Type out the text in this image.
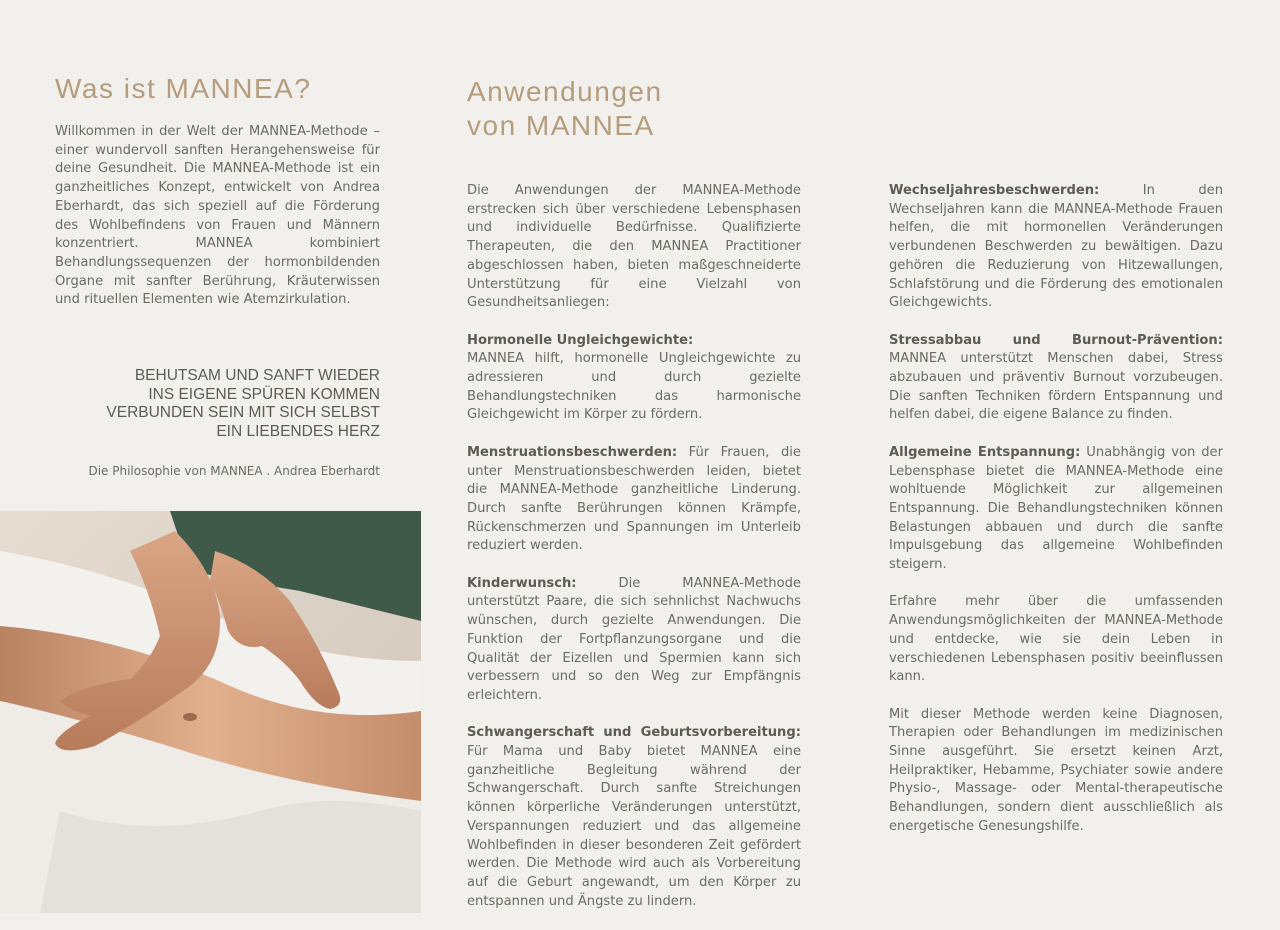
Was ist MANNEA?

Willkommen in der Welt der MANNEA-Methode – einer wundervoll sanften Herangehensweise für deine Gesundheit. Die MANNEA-Methode ist ein ganzheitliches Konzept, entwickelt von Andrea Eberhardt, das sich speziell auf die Förderung des Wohlbefindens von Frauen und Männern konzentriert. MANNEA kombiniert Behandlungssequenzen der hormonbildenden Organe mit sanfter Berührung, Kräuterwissen und rituellen Elementen wie Atemzirkulation.

BEHUTSAM UND SANFT WIEDER
INS EIGENE SPÜREN KOMMEN
VERBUNDEN SEIN MIT SICH SELBST
EIN LIEBENDES HERZ
Die Philosophie von MANNEA . Andrea Eberhardt
Anwendungen
von MANNEA

Die Anwendungen der MANNEA-Methode erstrecken sich über verschiedene Lebensphasen und individuelle Bedürfnisse. Qualifizierte Therapeuten, die den MANNEA Practitioner abgeschlossen haben, bieten maßgeschneiderte Unterstützung für eine Vielzahl von Gesundheitsanliegen:

Hormonelle Ungleichgewichte:
MANNEA hilft, hormonelle Ungleichgewichte zu adressieren und durch gezielte Behandlungstechniken das harmonische Gleichgewicht im Körper zu fördern.

Menstruationsbeschwerden: Für Frauen, die unter Menstruationsbeschwerden leiden, bietet die MANNEA-Methode ganzheitliche Linderung. Durch sanfte Berührungen können Krämpfe, Rückenschmerzen und Spannungen im Unterleib reduziert werden.

Kinderwunsch:	Die MANNEA-Methode unterstützt Paare, die sich sehnlichst Nachwuchs wünschen, durch gezielte Anwendungen. Die Funktion der Fortpflanzungsorgane und die Qualität der Eizellen und Spermien kann sich verbessern und so den Weg zur Empfängnis erleichtern.

Schwangerschaft und Geburtsvorbereitung: Für Mama und Baby bietet MANNEA eine ganzheitliche Begleitung während der Schwangerschaft. Durch sanfte Streichungen können körperliche Veränderungen unterstützt, Verspannungen reduziert und das allgemeine Wohlbefinden in dieser besonderen Zeit gefördert werden. Die Methode wird auch als Vorbereitung auf die Geburt angewandt, um den Körper zu entspannen und Ängste zu lindern.

Wechseljahresbeschwerden:	In den Wechseljahren kann die MANNEA-Methode Frauen helfen, die mit hormonellen Veränderungen verbundenen Beschwerden zu bewältigen. Dazu gehören die Reduzierung von Hitzewallungen, Schlafstörung und die Förderung des emotionalen Gleichgewichts.

Stressabbau und Burnout-Prävention: MANNEA unterstützt Menschen dabei, Stress abzubauen und präventiv Burnout vorzubeugen. Die sanften Techniken fördern Entspannung und helfen dabei, die eigene Balance zu finden.

Allgemeine Entspannung: Unabhängig von der Lebensphase bietet die MANNEA-Methode eine wohltuende Möglichkeit zur allgemeinen Entspannung. Die Behandlungstechniken können Belastungen abbauen und durch die sanfte Impulsgebung das allgemeine Wohlbefinden steigern.

Erfahre mehr über die umfassenden Anwendungsmöglichkeiten der MANNEA-Methode und entdecke, wie sie dein Leben in verschiedenen Lebensphasen positiv beeinflussen kann.

Mit dieser Methode werden keine Diagnosen, Therapien oder Behandlungen im medizinischen Sinne ausgeführt. Sie ersetzt keinen Arzt, Heilpraktiker, Hebamme, Psychiater sowie andere Physio-, Massage- oder Mental-therapeutische Behandlungen, sondern dient ausschließlich als energetische Genesungshilfe.
